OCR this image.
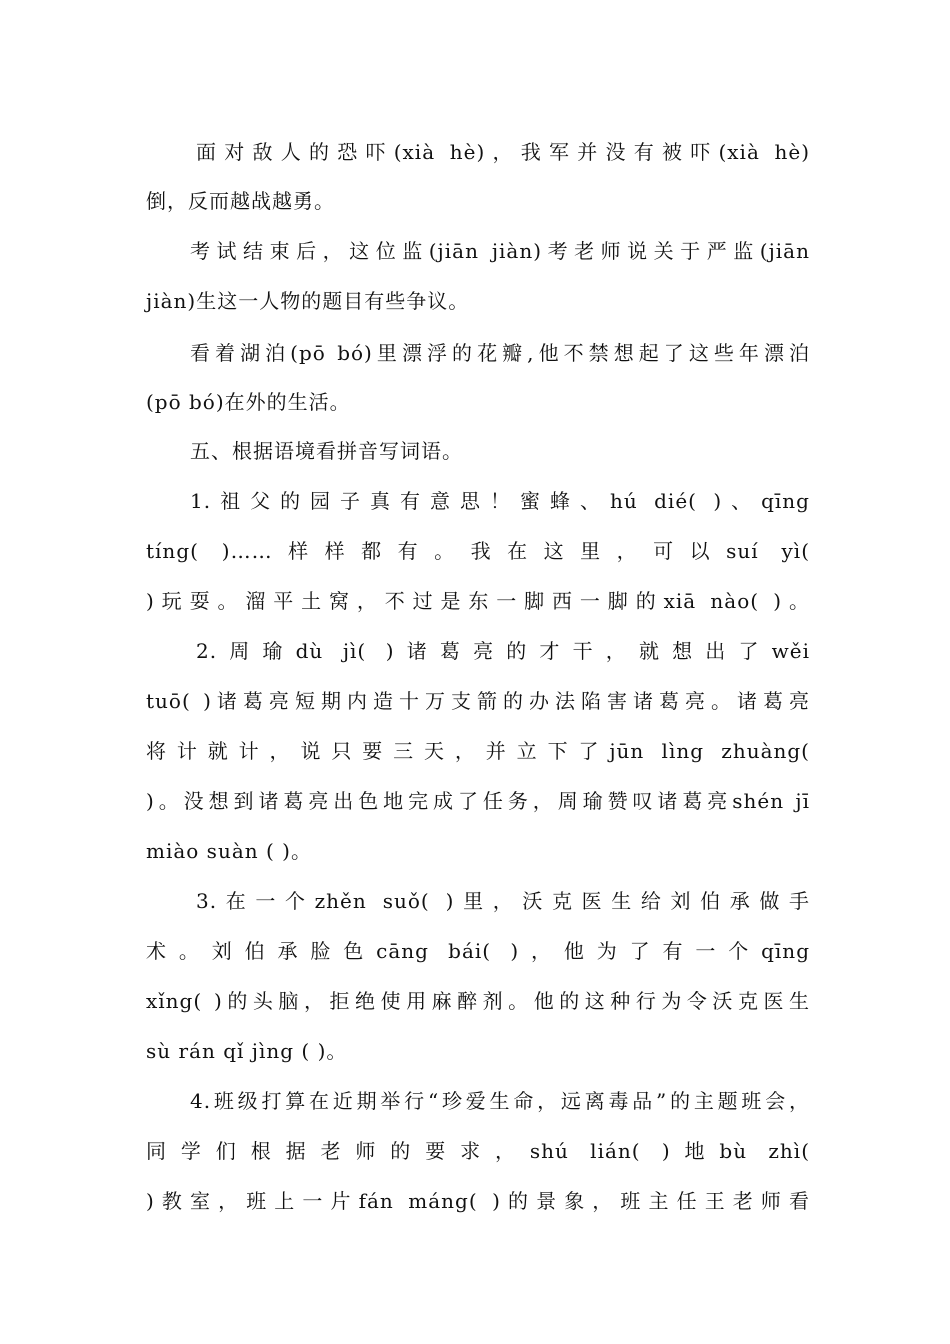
面对敌人的恐吓(xià hè)，我军并没有被吓(xià hè)
倒，反而越战越勇。
考试结束后，这位监(jiān jiàn)考老师说关于严监(jiān
jiàn)生这一人物的题目有些争议。
看着湖泊(pō bó)里漂浮的花瓣,他不禁想起了这些年漂泊
(pō bó)在外的生活。
五、根据语境看拼音写词语。
1.祖父的园子真有意思！蜜蜂、hú dié( )、qīng
tíng( )……样样都有。我在这里，可以suí yì(
)玩耍。溜平土窝，不过是东一脚西一脚的xiā nào( )。
2.周瑜dù jì( )诸葛亮的才干，就想出了wěi
tuō( )诸葛亮短期内造十万支箭的办法陷害诸葛亮。诸葛亮
将计就计，说只要三天，并立下了jūn lìng zhuàng(
)。没想到诸葛亮出色地完成了任务，周瑜赞叹诸葛亮shén jī
miào suàn ( )。
3.在一个zhěn suǒ( )里，沃克医生给刘伯承做手
术。刘伯承脸色cāng bái( )，他为了有一个qīng
xǐng( )的头脑，拒绝使用麻醉剂。他的这种行为令沃克医生
sù rán qǐ jìng ( )。
4.班级打算在近期举行“珍爱生命，远离毒品”的主题班会，
同学们根据老师的要求，shú lián( )地bù zhì(
)教室，班上一片fán máng( )的景象，班主任王老师看
